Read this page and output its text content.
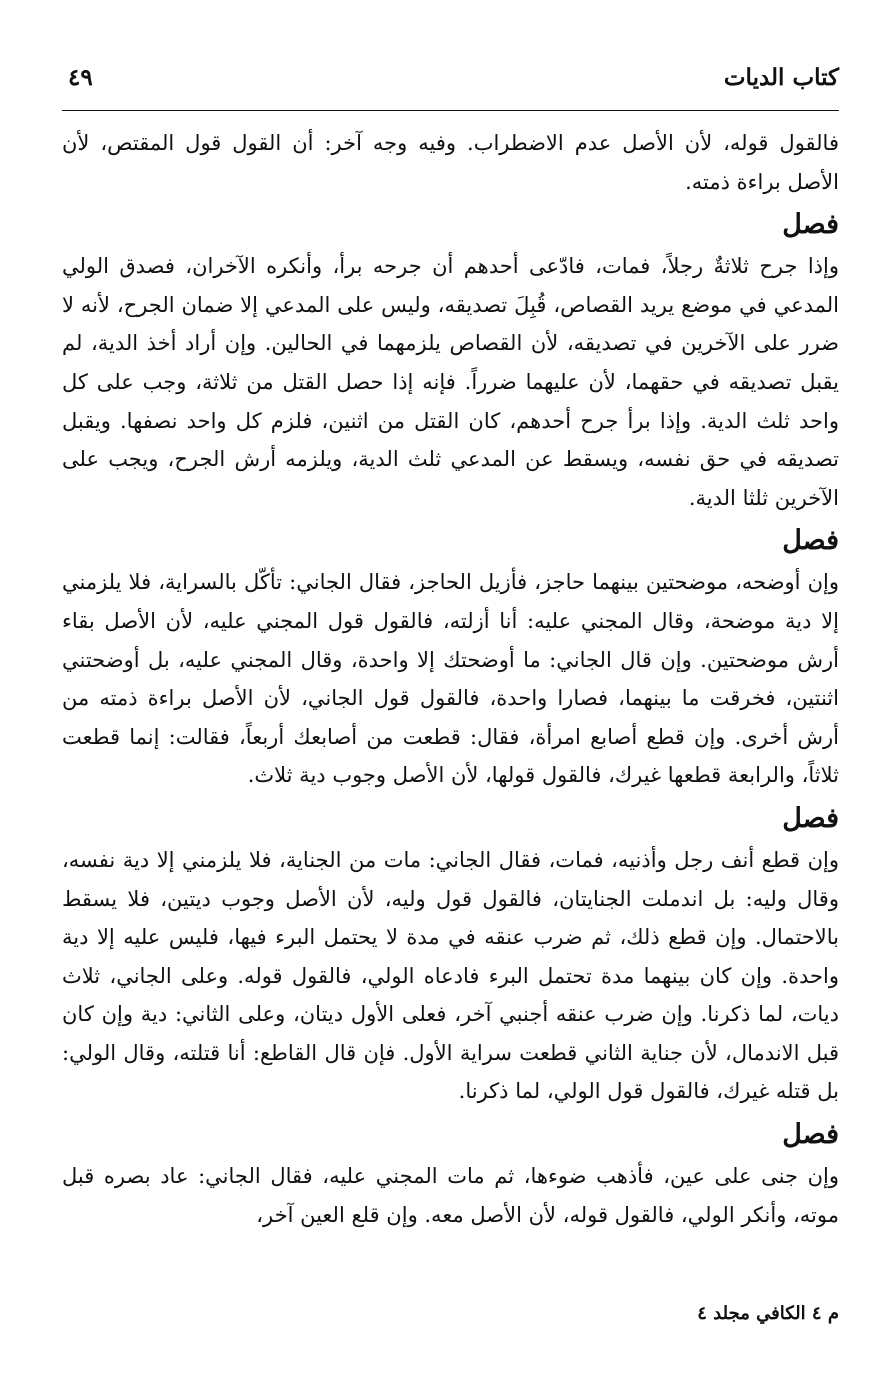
كتاب الديات
٤٩

فالقول قوله، لأن الأصل عدم الاضطراب. وفيه وجه آخر: أن القول قول المقتص، لأن الأصل براءة ذمته.

فصل

وإذا جرح ثلاثةٌ رجلاً، فمات، فادّعى أحدهم أن جرحه برأ، وأنكره الآخران، فصدق الولي المدعي في موضع يريد القصاص، قُبِلَ تصديقه، وليس على المدعي إلا ضمان الجرح، لأنه لا ضرر على الآخرين في تصديقه، لأن القصاص يلزمهما في الحالين. وإن أراد أخذ الدية، لم يقبل تصديقه في حقهما، لأن عليهما ضرراً. فإنه إذا حصل القتل من ثلاثة، وجب على كل واحد ثلث الدية. وإذا برأ جرح أحدهم، كان القتل من اثنين، فلزم كل واحد نصفها. ويقبل تصديقه في حق نفسه، ويسقط عن المدعي ثلث الدية، ويلزمه أرش الجرح، ويجب على الآخرين ثلثا الدية.

فصل

وإن أوضحه، موضحتين بينهما حاجز، فأزيل الحاجز، فقال الجاني: تأكّل بالسراية، فلا يلزمني إلا دية موضحة، وقال المجني عليه: أنا أزلته، فالقول قول المجني عليه، لأن الأصل بقاء أرش موضحتين. وإن قال الجاني: ما أوضحتك إلا واحدة، وقال المجني عليه، بل أوضحتني اثنتين، فخرقت ما بينهما، فصارا واحدة، فالقول قول الجاني، لأن الأصل براءة ذمته من أرش أخرى. وإن قطع أصابع امرأة، فقال: قطعت من أصابعك أربعاً، فقالت: إنما قطعت ثلاثاً، والرابعة قطعها غيرك، فالقول قولها، لأن الأصل وجوب دية ثلاث.

فصل

وإن قطع أنف رجل وأذنيه، فمات، فقال الجاني: مات من الجناية، فلا يلزمني إلا دية نفسه، وقال وليه: بل اندملت الجنايتان، فالقول قول وليه، لأن الأصل وجوب ديتين، فلا يسقط بالاحتمال. وإن قطع ذلك، ثم ضرب عنقه في مدة لا يحتمل البرء فيها، فليس عليه إلا دية واحدة. وإن كان بينهما مدة تحتمل البرء فادعاه الولي، فالقول قوله. وعلى الجاني، ثلاث ديات، لما ذكرنا. وإن ضرب عنقه أجنبي آخر، فعلى الأول ديتان، وعلى الثاني: دية وإن كان قبل الاندمال، لأن جناية الثاني قطعت سراية الأول. فإن قال القاطع: أنا قتلته، وقال الولي: بل قتله غيرك، فالقول قول الولي، لما ذكرنا.

فصل

وإن جنى على عين، فأذهب ضوءها، ثم مات المجني عليه، فقال الجاني: عاد بصره قبل موته، وأنكر الولي، فالقول قوله، لأن الأصل معه. وإن قلع العين آخر،

م ٤ الكافي مجلد ٤
